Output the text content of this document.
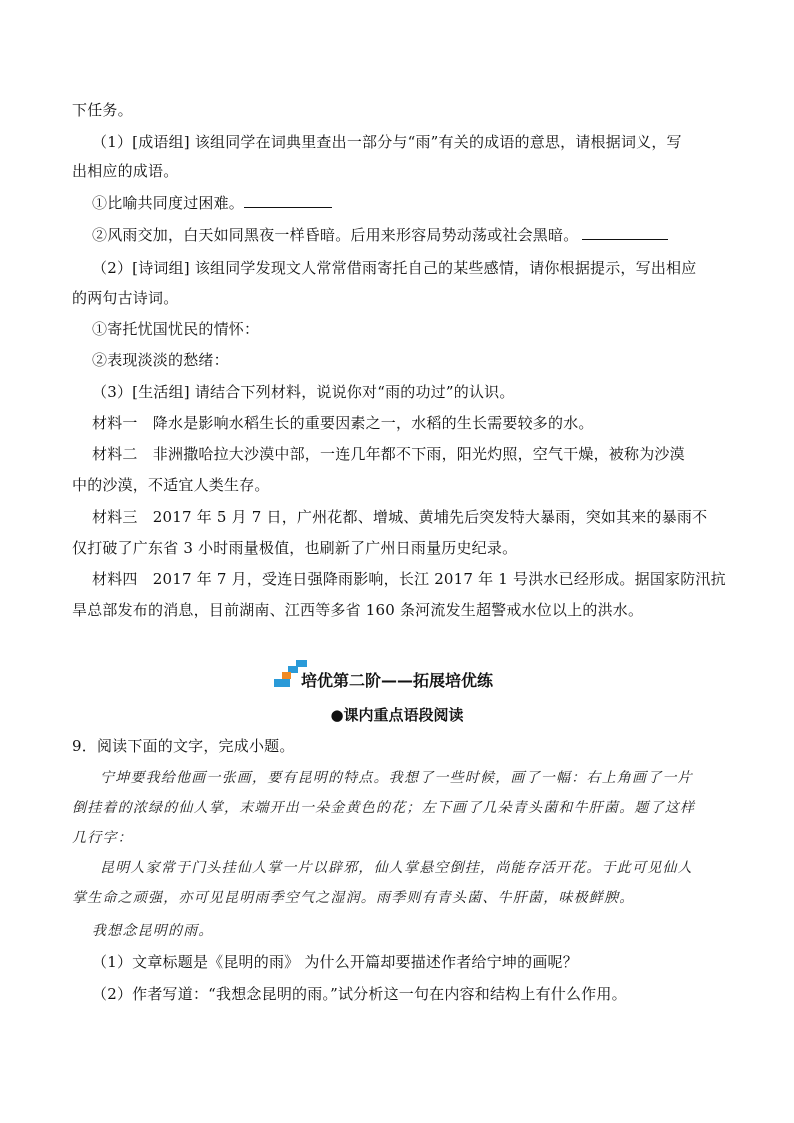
下任务。
（1）[成语组] 该组同学在词典里查出一部分与“雨”有关的成语的意思，请根据词义，写
出相应的成语。
①比喻共同度过困难。
②风雨交加，白天如同黑夜一样昏暗。后用来形容局势动荡或社会黑暗。
（2）[诗词组] 该组同学发现文人常常借雨寄托自己的某些感情，请你根据提示，写出相应
的两句古诗词。
①寄托忧国忧民的情怀：
②表现淡淡的愁绪：
（3）[生活组] 请结合下列材料，说说你对“雨的功过”的认识。
材料一　降水是影响水稻生长的重要因素之一，水稻的生长需要较多的水。
材料二　非洲撒哈拉大沙漠中部，一连几年都不下雨，阳光灼照，空气干燥，被称为沙漠
中的沙漠，不适宜人类生存。
材料三　2017 年 5 月 7 日，广州花都、增城、黄埔先后突发特大暴雨，突如其来的暴雨不
仅打破了广东省 3 小时雨量极值，也刷新了广州日雨量历史纪录。
材料四　2017 年 7 月，受连日强降雨影响，长江 2017 年 1 号洪水已经形成。据国家防汛抗
旱总部发布的消息，目前湖南、江西等多省 160 条河流发生超警戒水位以上的洪水。
培优第二阶——拓展培优练
●课内重点语段阅读
9．阅读下面的文字，完成小题。
宁坤要我给他画一张画，要有昆明的特点。我想了一些时候，画了一幅：右上角画了一片
倒挂着的浓绿的仙人掌，末端开出一朵金黄色的花；左下画了几朵青头菌和牛肝菌。题了这样
几行字：
昆明人家常于门头挂仙人掌一片以辟邪，仙人掌悬空倒挂，尚能存活开花。于此可见仙人
掌生命之顽强，亦可见昆明雨季空气之湿润。雨季则有青头菌、牛肝菌，味极鲜腴。
我想念昆明的雨。
（1）文章标题是《昆明的雨》 为什么开篇却要描述作者给宁坤的画呢？
（2）作者写道：“我想念昆明的雨。”试分析这一句在内容和结构上有什么作用。
